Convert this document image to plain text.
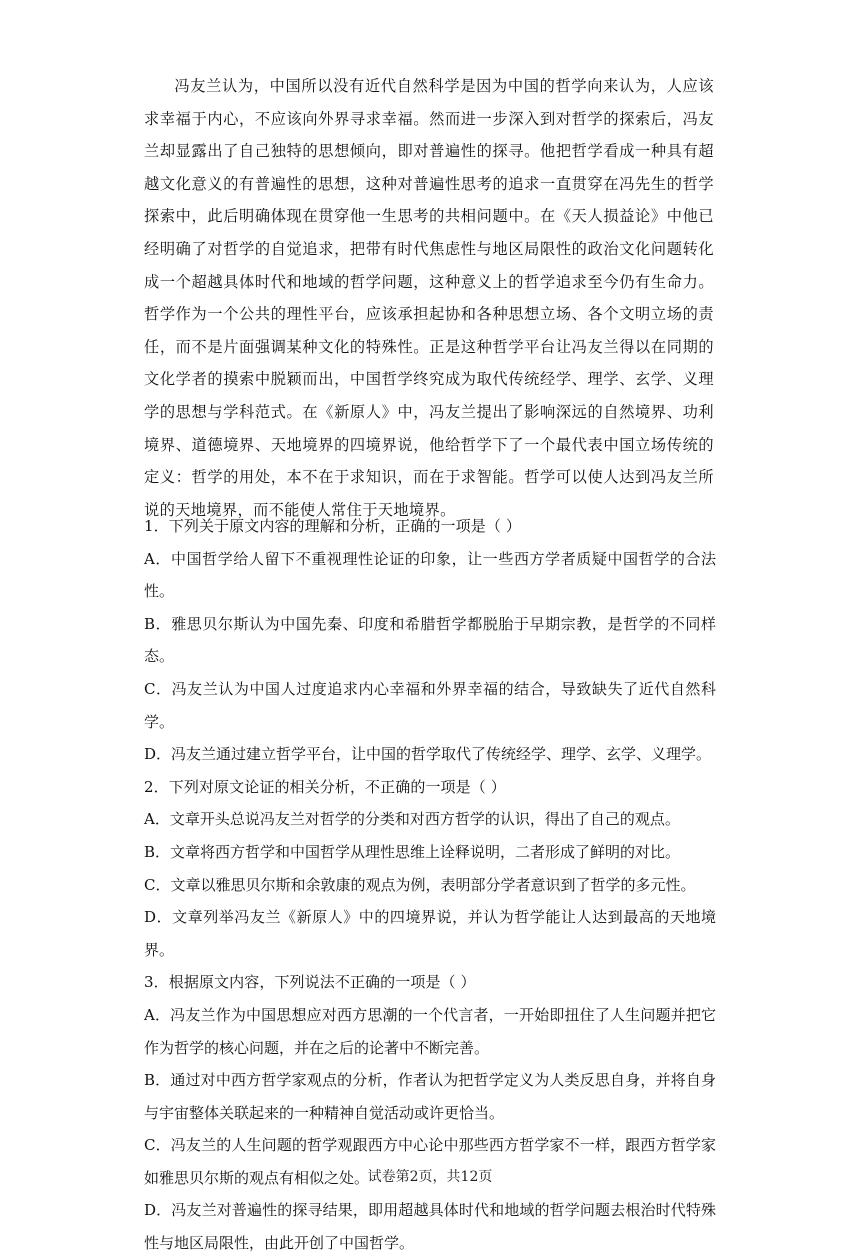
冯友兰认为，中国所以没有近代自然科学是因为中国的哲学向来认为，人应该求幸福于内心，不应该向外界寻求幸福。然而进一步深入到对哲学的探索后，冯友兰却显露出了自己独特的思想倾向，即对普遍性的探寻。他把哲学看成一种具有超越文化意义的有普遍性的思想，这种对普遍性思考的追求一直贯穿在冯先生的哲学探索中，此后明确体现在贯穿他一生思考的共相问题中。在《天人损益论》中他已经明确了对哲学的自觉追求，把带有时代焦虑性与地区局限性的政治文化问题转化成一个超越具体时代和地域的哲学问题，这种意义上的哲学追求至今仍有生命力。哲学作为一个公共的理性平台，应该承担起协和各种思想立场、各个文明立场的责任，而不是片面强调某种文化的特殊性。正是这种哲学平台让冯友兰得以在同期的文化学者的摸索中脱颖而出，中国哲学终究成为取代传统经学、理学、玄学、义理学的思想与学科范式。在《新原人》中，冯友兰提出了影响深远的自然境界、功利境界、道德境界、天地境界的四境界说，他给哲学下了一个最代表中国立场传统的定义：哲学的用处，本不在于求知识，而在于求智能。哲学可以使人达到冯友兰所说的天地境界，而不能使人常住于天地境界。

1．下列关于原文内容的理解和分析，正确的一项是（ ）

A．中国哲学给人留下不重视理性论证的印象，让一些西方学者质疑中国哲学的合法性。

B．雅思贝尔斯认为中国先秦、印度和希腊哲学都脱胎于早期宗教，是哲学的不同样态。

C．冯友兰认为中国人过度追求内心幸福和外界幸福的结合，导致缺失了近代自然科学。

D．冯友兰通过建立哲学平台，让中国的哲学取代了传统经学、理学、玄学、义理学。

2．下列对原文论证的相关分析，不正确的一项是（ ）

A．文章开头总说冯友兰对哲学的分类和对西方哲学的认识，得出了自己的观点。

B．文章将西方哲学和中国哲学从理性思维上诠释说明，二者形成了鲜明的对比。

C．文章以雅思贝尔斯和余敦康的观点为例，表明部分学者意识到了哲学的多元性。

D．文章列举冯友兰《新原人》中的四境界说，并认为哲学能让人达到最高的天地境界。

3．根据原文内容，下列说法不正确的一项是（ ）

A．冯友兰作为中国思想应对西方思潮的一个代言者，一开始即扭住了人生问题并把它作为哲学的核心问题，并在之后的论著中不断完善。

B．通过对中西方哲学家观点的分析，作者认为把哲学定义为人类反思自身，并将自身与宇宙整体关联起来的一种精神自觉活动或许更恰当。

C．冯友兰的人生问题的哲学观跟西方中心论中那些西方哲学家不一样，跟西方哲学家如雅思贝尔斯的观点有相似之处。

D．冯友兰对普遍性的探寻结果，即用超越具体时代和地域的哲学问题去根治时代特殊性与地区局限性，由此开创了中国哲学。

试卷第2页，共12页
